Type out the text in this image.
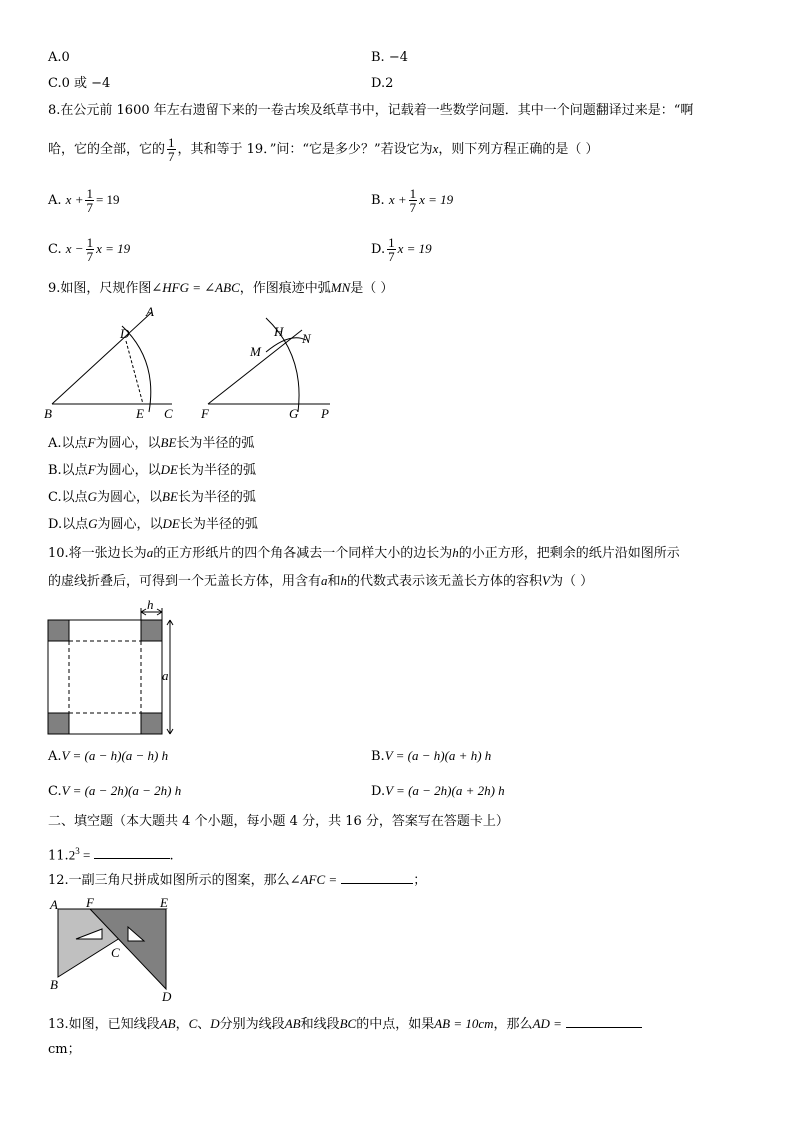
A.0	B. −4
C.0 或 −4	D.2
8.在公元前 1600 年左右遗留下来的一卷古埃及纸草书中，记载着一些数学问题．其中一个问题翻译过来是：“啊
哈，它的全部，它的 $\frac{1}{7}$ ，其和等于 19．”问：“它是多少？”若设它为x，则下列方程正确的是（ ）
A. $x + \frac{1}{7} = 19$	B. $x + \frac{1}{7}$ x = 19
C. $x - \frac{1}{7}$ x = 19	D. $\frac{1}{7}$ x = 19
9.如图，尺规作图∠HFG = ∠ABC，作图痕迹中弧MN是（ ）
B	E C
D
A
F	G P
H
M
N
A.以点F为圆心，以BE长为半径的弧
B.以点F为圆心，以DE长为半径的弧
C.以点G为圆心，以BE长为半径的弧
D.以点G为圆心，以DE长为半径的弧
10.将一张边长为a的正方形纸片的四个角各减去一个同样大小的边长为h的小正方形，把剩余的纸片沿如图所示
的虚线折叠后，可得到一个无盖长方体，用含有a和h的代数式表示该无盖长方体的容积V为（ ）
h
a
A.V = (a − h)(a − h) h	B.V = (a − h)(a + h) h
C.V = (a − 2h)(a − 2h) h	D.V = (a − 2h)(a + 2h) h
二、填空题（本大题共 4 个小题，每小题 4 分，共 16 分，答案写在答题卡上）
$11.2^3$ =	.
12.一副三角尺拼成如图所示的图案，那么∠AFC =	；
A F	E
C
B
D
13.如图，已知线段AB，C、D分别为线段AB和线段BC的中点，如果AB = 10cm，那么AD =
cm；
